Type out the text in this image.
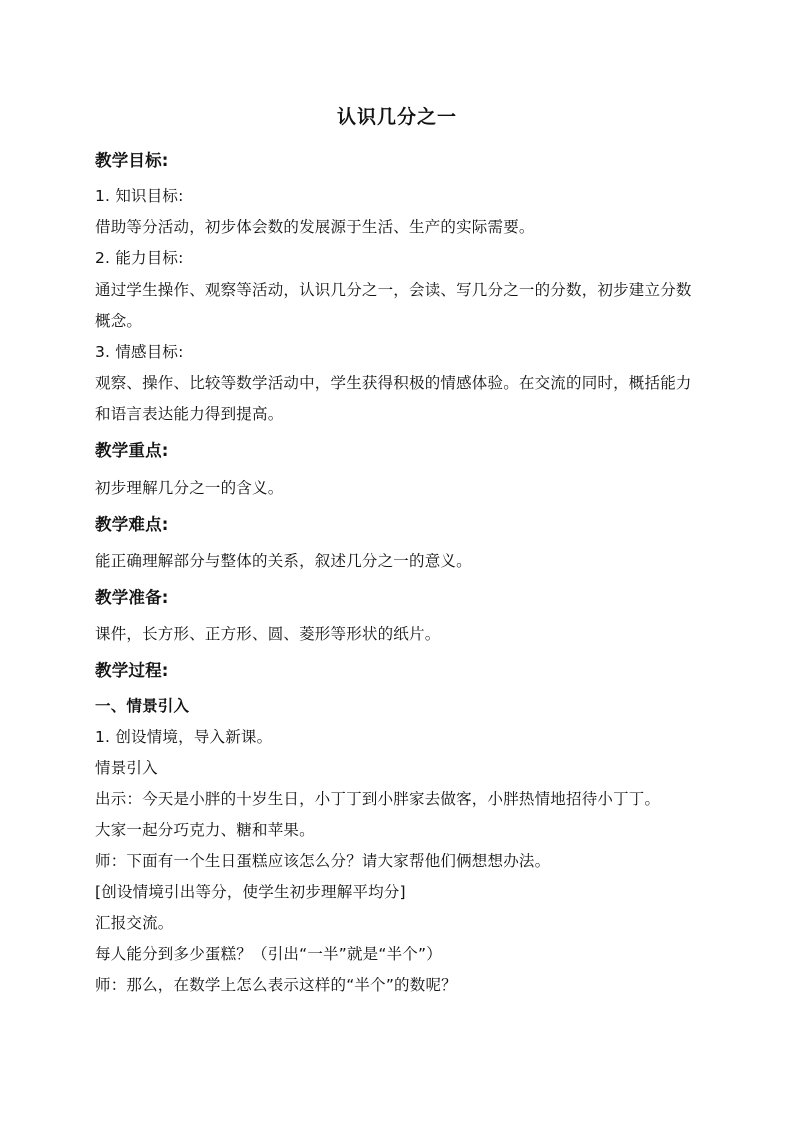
认识几分之一
教学目标:
1. 知识目标:
借助等分活动，初步体会数的发展源于生活、生产的实际需要。
2. 能力目标:
通过学生操作、观察等活动，认识几分之一，会读、写几分之一的分数，初步建立分数
概念。
3. 情感目标:
观察、操作、比较等数学活动中，学生获得积极的情感体验。在交流的同时，概括能力
和语言表达能力得到提高。
教学重点:
初步理解几分之一的含义。
教学难点:
能正确理解部分与整体的关系，叙述几分之一的意义。
教学准备:
课件，长方形、正方形、圆、菱形等形状的纸片。
教学过程:
一、情景引入
1. 创设情境，导入新课。
情景引入
出示：今天是小胖的十岁生日，小丁丁到小胖家去做客，小胖热情地招待小丁丁。
大家一起分巧克力、糖和苹果。
师：下面有一个生日蛋糕应该怎么分？请大家帮他们俩想想办法。
[创设情境引出等分，使学生初步理解平均分]
汇报交流。
每人能分到多少蛋糕？（引出“一半”就是“半个”）
师：那么，在数学上怎么表示这样的“半个”的数呢？
